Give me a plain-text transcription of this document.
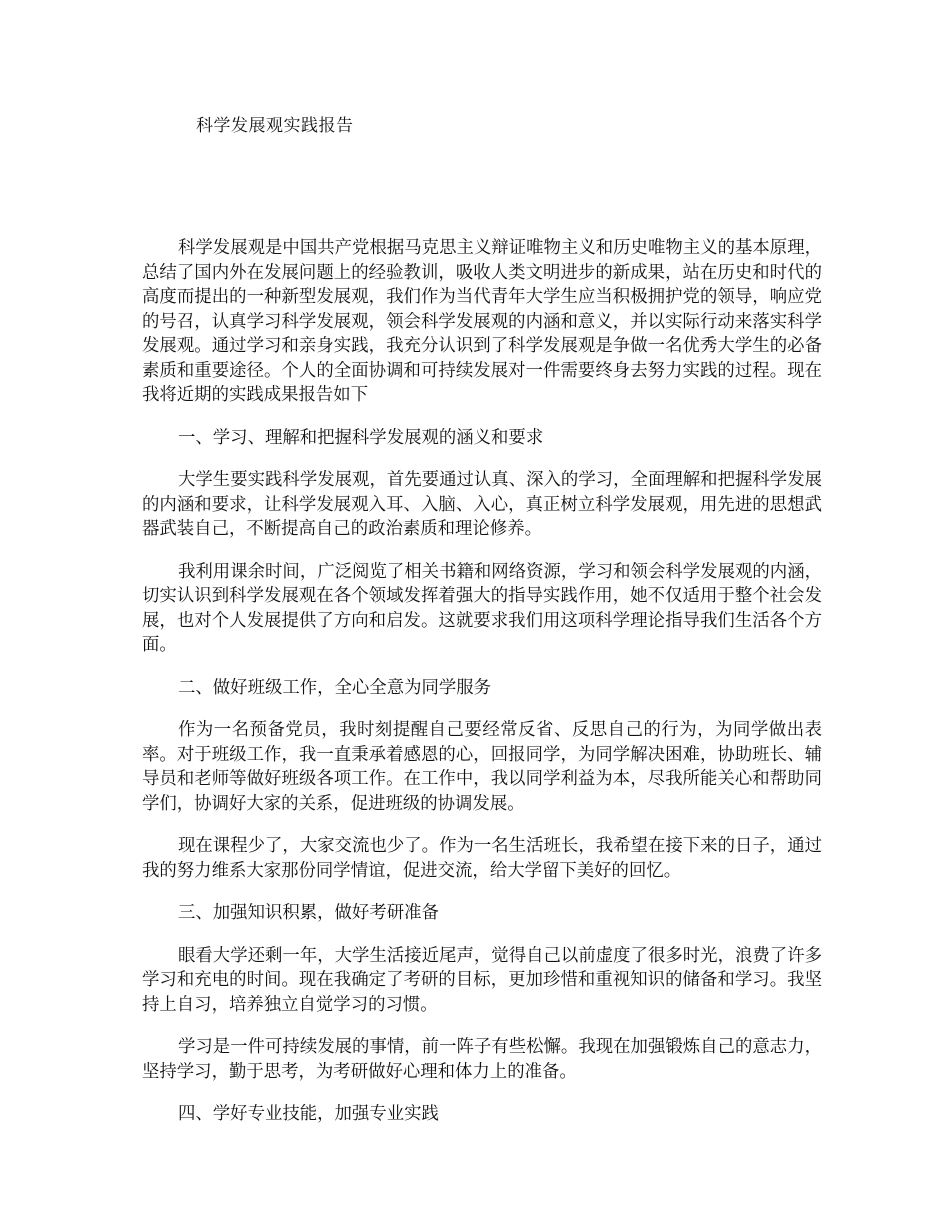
科学发展观实践报告

科学发展观是中国共产党根据马克思主义辩证唯物主义和历史唯物主义的基本原理，总结了国内外在发展问题上的经验教训，吸收人类文明进步的新成果，站在历史和时代的高度而提出的一种新型发展观，我们作为当代青年大学生应当积极拥护党的领导，响应党的号召，认真学习科学发展观，领会科学发展观的内涵和意义，并以实际行动来落实科学发展观。通过学习和亲身实践，我充分认识到了科学发展观是争做一名优秀大学生的必备素质和重要途径。个人的全面协调和可持续发展对一件需要终身去努力实践的过程。现在我将近期的实践成果报告如下

一、学习、理解和把握科学发展观的涵义和要求

大学生要实践科学发展观，首先要通过认真、深入的学习，全面理解和把握科学发展的内涵和要求，让科学发展观入耳、入脑、入心，真正树立科学发展观，用先进的思想武器武装自己，不断提高自己的政治素质和理论修养。

我利用课余时间，广泛阅览了相关书籍和网络资源，学习和领会科学发展观的内涵，切实认识到科学发展观在各个领域发挥着强大的指导实践作用，她不仅适用于整个社会发展，也对个人发展提供了方向和启发。这就要求我们用这项科学理论指导我们生活各个方面。

二、做好班级工作，全心全意为同学服务

作为一名预备党员，我时刻提醒自己要经常反省、反思自己的行为，为同学做出表率。对于班级工作，我一直秉承着感恩的心，回报同学，为同学解决困难，协助班长、辅导员和老师等做好班级各项工作。在工作中，我以同学利益为本，尽我所能关心和帮助同学们，协调好大家的关系，促进班级的协调发展。

现在课程少了，大家交流也少了。作为一名生活班长，我希望在接下来的日子，通过我的努力维系大家那份同学情谊，促进交流，给大学留下美好的回忆。

三、加强知识积累，做好考研准备

眼看大学还剩一年，大学生活接近尾声，觉得自己以前虚度了很多时光，浪费了许多学习和充电的时间。现在我确定了考研的目标，更加珍惜和重视知识的储备和学习。我坚持上自习，培养独立自觉学习的习惯。

学习是一件可持续发展的事情，前一阵子有些松懈。我现在加强锻炼自己的意志力，坚持学习，勤于思考，为考研做好心理和体力上的准备。

四、学好专业技能，加强专业实践
